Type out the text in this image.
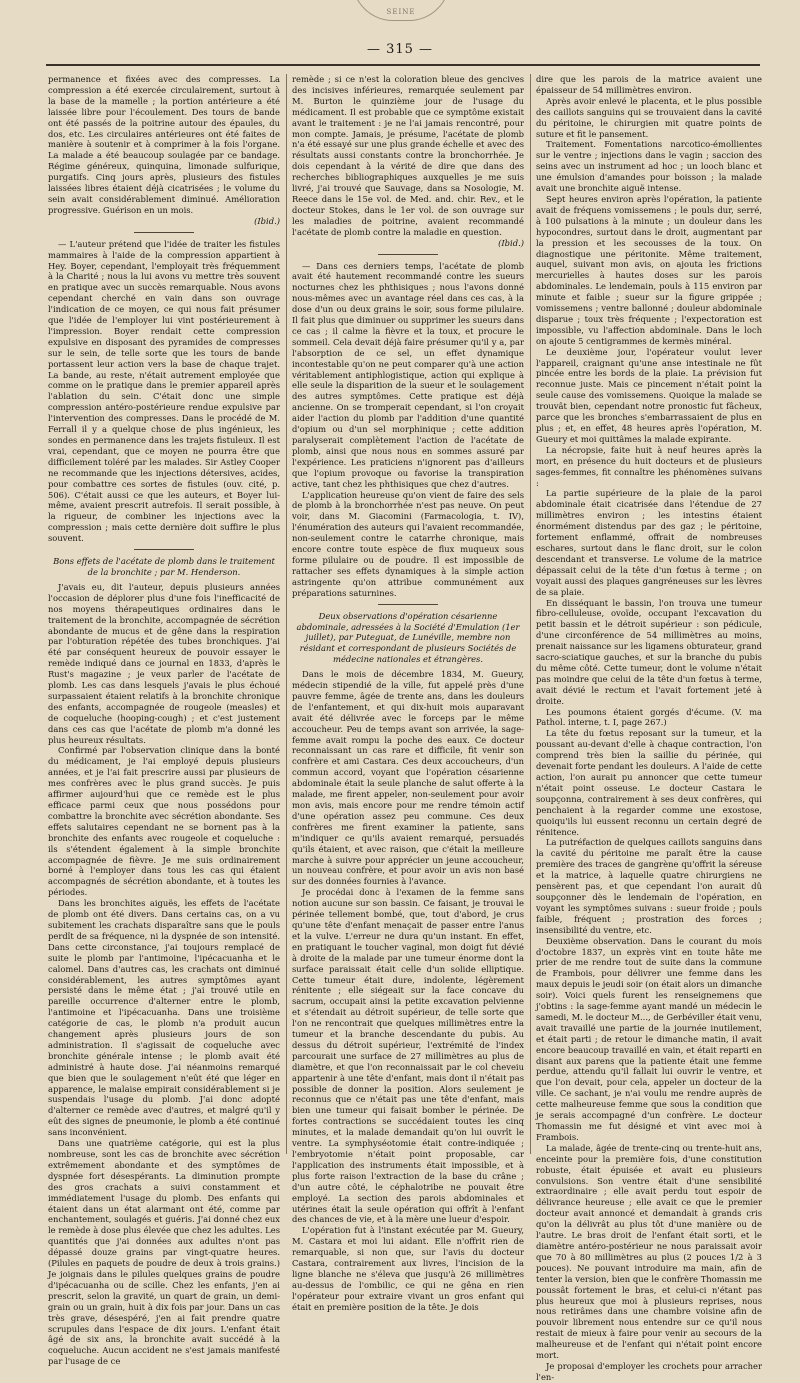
SEINE
— 315 —

permanence et fixées avec des compresses. La compression a été exercée circulairement, surtout à la base de la mamelle ; la portion antérieure a été laissée libre pour l'écoulement. Des tours de bande ont été passés de la poitrine autour des épaules, du dos, etc. Les circulaires antérieures ont été faites de manière à soutenir et à comprimer à la fois l'organe. La malade a été beaucoup soulagée par ce bandage. Régime généreux, quinquina, limonade sulfurique, purgatifs. Cinq jours après, plusieurs des fistules laissées libres étaient déjà cicatrisées ; le volume du sein avait considérablement diminué. Amélioration progressive. Guérison en un mois.

(Ibid.)

— L'auteur prétend que l'idée de traiter les fistules mammaires à l'aide de la compression appartient à Hey. Boyer, cependant, l'employait très fréquemment à la Charité ; nous la lui avons vu mettre très souvent en pratique avec un succès remarquable. Nous avons cependant cherché en vain dans son ouvrage l'indication de ce moyen, ce qui nous fait présumer que l'idée de l'employer lui vint postérieurement à l'impression. Boyer rendait cette compression expulsive en disposant des pyramides de compresses sur le sein, de telle sorte que les tours de bande portassent leur action vers la base de chaque trajet. La bande, au reste, n'était autrement employée que comme on le pratique dans le premier appareil après l'ablation du sein. C'était donc une simple compression antéro-postérieure rendue expulsive par l'intervention des compresses. Dans le procédé de M. Ferrall il y a quelque chose de plus ingénieux, les sondes en permanence dans les trajets fistuleux. Il est vrai, cependant, que ce moyen ne pourra être que difficilement toléré par les malades. Sir Astley Cooper ne recommande que les injections détersives, acides, pour combattre ces sortes de fistules (ouv. cité, p. 506). C'était aussi ce que les auteurs, et Boyer lui-même, avaient prescrit autrefois. Il serait possible, à la rigueur, de combiner les injections avec la compression ; mais cette dernière doit suffire le plus souvent.

Bons effets de l'acétate de plomb dans le traitement de la bronchite ; par M. Henderson.

J'avais eu, dit l'auteur, depuis plusieurs années l'occasion de déplorer plus d'une fois l'inefficacité de nos moyens thérapeutiques ordinaires dans le traitement de la bronchite, accompagnée de sécrétion abondante de mucus et de gêne dans la respiration par l'obturation répétée des tubes bronchiques. J'ai été par conséquent heureux de pouvoir essayer le remède indiqué dans ce journal en 1833, d'après le Rust's magazine ; je veux parler de l'acétate de plomb. Les cas dans lesquels j'avais le plus échoué surpassaient étaient relatifs à la bronchite chronique des enfants, accompagnée de rougeole (measles) et de coqueluche (hooping-cough) ; et c'est justement dans ces cas que l'acétate de plomb m'a donné les plus heureux résultats.

Confirmé par l'observation clinique dans la bonté du médicament, je l'ai employé depuis plusieurs années, et je l'ai fait prescrire aussi par plusieurs de mes confrères avec le plus grand succès. Je puis affirmer aujourd'hui que ce remède est le plus efficace parmi ceux que nous possédons pour combattre la bronchite avec sécrétion abondante. Ses effets salutaires cependant ne se bornent pas à la bronchite des enfants avec rougeole et coqueluche : ils s'étendent également à la simple bronchite accompagnée de fièvre. Je me suis ordinairement borné à l'employer dans tous les cas qui étaient accompagnés de sécrétion abondante, et à toutes les périodes.

Dans les bronchites aiguës, les effets de l'acétate de plomb ont été divers. Dans certains cas, on a vu subitement les crachats disparaître sans que le pouls perdît de sa fréquence, ni la dyspnée de son intensité. Dans cette circonstance, j'ai toujours remplacé de suite le plomb par l'antimoine, l'ipécacuanha et le calomel. Dans d'autres cas, les crachats ont diminué considérablement, les autres symptômes ayant persisté dans le même état ; j'ai trouvé utile en pareille occurrence d'alterner entre le plomb, l'antimoine et l'ipécacuanha. Dans une troisième catégorie de cas, le plomb n'a produit aucun changement après plusieurs jours de son administration. Il s'agissait de coqueluche avec bronchite générale intense ; le plomb avait été administré à haute dose. J'ai néanmoins remarqué que bien que le soulagement n'eût été que léger en apparence, le malaise empirait considérablement si je suspendais l'usage du plomb. J'ai donc adopté d'alterner ce remède avec d'autres, et malgré qu'il y eût des signes de pneumonie, le plomb a été continué sans inconvénient.

Dans une quatrième catégorie, qui est la plus nombreuse, sont les cas de bronchite avec sécrétion extrêmement abondante et des symptômes de dyspnée fort désespérants. La diminution prompte des gros crachats a suivi constamment et immédiatement l'usage du plomb. Des enfants qui étaient dans un état alarmant ont été, comme par enchantement, soulagés et guéris. J'ai donné chez eux le remède à dose plus élevée que chez les adultes. Les quantités que j'ai données aux adultes n'ont pas dépassé douze grains par vingt-quatre heures. (Pilules en paquets de poudre de deux à trois grains.) Je joignais dans le pilules quelques grains de poudre d'ipécacuanha ou de scille. Chez les enfants, j'en ai prescrit, selon la gravité, un quart de grain, un demi-grain ou un grain, huit à dix fois par jour. Dans un cas très grave, désespéré, j'en ai fait prendre quatre scrupules dans l'espace de dix jours. L'enfant était âgé de six ans, la bronchite avait succédé à la coqueluche. Aucun accident ne s'est jamais manifesté par l'usage de ce

remède ; si ce n'est la coloration bleue des gencives des incisives inférieures, remarquée seulement par M. Burton le quinzième jour de l'usage du médicament. Il est probable que ce symptôme existait avant le traitement : je ne l'ai jamais rencontré, pour mon compte. Jamais, je présume, l'acétate de plomb n'a été essayé sur une plus grande échelle et avec des résultats aussi constants contre la bronchorrhée. Je dois cependant à la vérité de dire que dans des recherches bibliographiques auxquelles je me suis livré, j'ai trouvé que Sauvage, dans sa Nosologie, M. Reece dans le 15e vol. de Med. and. chir. Rev., et le docteur Stokes, dans le 1er vol. de son ouvrage sur les maladies de poitrine, avaient recommandé l'acétate de plomb contre la maladie en question.

(Ibid.)

— Dans ces derniers temps, l'acétate de plomb avait été hautement recommandé contre les sueurs nocturnes chez les phthisiques ; nous l'avons donné nous-mêmes avec un avantage réel dans ces cas, à la dose d'un ou deux grains le soir, sous forme pilulaire. Il fait plus que diminuer ou supprimer les sueurs dans ce cas ; il calme la fièvre et la toux, et procure le sommeil. Cela devait déjà faire présumer qu'il y a, par l'absorption de ce sel, un effet dynamique incontestable qu'on ne peut comparer qu'à une action véritablement antiphlogistique, action qui explique à elle seule la disparition de la sueur et le soulagement des autres symptômes. Cette pratique est déjà ancienne. On se tromperait cependant, si l'on croyait aider l'action du plomb par l'addition d'une quantité d'opium ou d'un sel morphinique ; cette addition paralyserait complètement l'action de l'acétate de plomb, ainsi que nous nous en sommes assuré par l'expérience. Les praticiens n'ignorent pas d'ailleurs que l'opium provoque ou favorise la transpiration active, tant chez les phthisiques que chez d'autres.

L'application heureuse qu'on vient de faire des sels de plomb à la bronchorrhée n'est pas neuve. On peut voir, dans M. Giacomini (Farmacologia, t. IV), l'énumération des auteurs qui l'avaient recommandée, non-seulement contre le catarrhe chronique, mais encore contre toute espèce de flux muqueux sous forme pilulaire ou de poudre. Il est impossible de rattacher ses effets dynamiques à la simple action astringente qu'on attribue communément aux préparations saturnines.

Deux observations d'opération césarienne abdominale, adressées à la Société d'Emulation (1er juillet), par Puteguat, de Lunéville, membre non résidant et correspondant de plusieurs Sociétés de médecine nationales et étrangères.

Dans le mois de décembre 1834, M. Gueury, médecin stipendié de la ville, fut appelé près d'une pauvre femme, âgée de trente ans, dans les douleurs de l'enfantement, et qui dix-huit mois auparavant avait été délivrée avec le forceps par le même accoucheur. Peu de temps avant son arrivée, la sage-femme avait rompu la poche des eaux. Ce docteur reconnaissant un cas rare et difficile, fit venir son confrère et ami Castara. Ces deux accoucheurs, d'un commun accord, voyant que l'opération césarienne abdominale était la seule planche de salut offerte à la malade, me firent appeler, non-seulement pour avoir mon avis, mais encore pour me rendre témoin actif d'une opération assez peu commune. Ces deux confrères me firent examiner la patiente, sans m'indiquer ce qu'ils avaient remarqué, persuadés qu'ils étaient, et avec raison, que c'était la meilleure marche à suivre pour apprécier un jeune accoucheur, un nouveau confrère, et pour avoir un avis non basé sur des données fournies à l'avance.

Je procédai donc à l'examen de la femme sans notion aucune sur son bassin. Ce faisant, je trouvai le périnée tellement bombé, que, tout d'abord, je crus qu'une tête d'enfant menaçait de passer entre l'anus et la vulve. L'erreur ne dura qu'un instant. En effet, en pratiquant le toucher vaginal, mon doigt fut dévié à droite de la malade par une tumeur énorme dont la surface paraissait était celle d'un solide elliptique. Cette tumeur était dure, indolente, légèrement rénitente ; elle siégeait sur la face concave du sacrum, occupait ainsi la petite excavation pelvienne et s'étendait au détroit supérieur, de telle sorte que l'on ne rencontrait que quelques millimètres entre la tumeur et la branche descendante du pubis. Au dessus du détroit supérieur, l'extrémité de l'index parcourait une surface de 27 millimètres au plus de diamètre, et que l'on reconnaissait par le col cheveiu appartenir à une tête d'enfant, mais dont il n'était pas possible de donner la position. Alors seulement je reconnus que ce n'était pas une tête d'enfant, mais bien une tumeur qui faisait bomber le périnée. De fortes contractions se succédaient toutes les cinq minutes, et la malade demandait qu'on lui ouvrît le ventre. La symphyséotomie était contre-indiquée ; l'embryotomie n'était point proposable, car l'application des instruments était impossible, et à plus forte raison l'extraction de la base du crâne ; d'un autre côté, le céphalotribe ne pouvait être employé. La section des parois abdominales et utérines était la seule opération qui offrît à l'enfant des chances de vie, et à la mère une lueur d'espoir.

L'opération fut à l'instant exécutée par M. Gueury, M. Castara et moi lui aidant. Elle n'offrit rien de remarquable, si non que, sur l'avis du docteur Castara, contrairement aux livres, l'incision de la ligne blanche ne s'éleva que jusqu'à 26 millimètres au-dessus de l'ombilic, ce qui ne gêna en rien l'opérateur pour extraire vivant un gros enfant qui était en première position de la tête. Je dois

dire que les parois de la matrice avaient une épaisseur de 54 millimètres environ.

Après avoir enlevé le placenta, et le plus possible des caillots sanguins qui se trouvaient dans la cavité du péritoine, le chirurgien mit quatre points de suture et fit le pansement.

Traitement. Fomentations narcotico-émollientes sur le ventre ; injections dans le vagin ; saccion des seins avec un instrument ad hoc ; un looch blanc et une émulsion d'amandes pour boisson ; la malade avait une bronchite aiguë intense.

Sept heures environ après l'opération, la patiente avait de fréquens vomissemens ; le pouls dur, serré, à 100 pulsations à la minute ; un douleur dans les hypocondres, surtout dans le droit, augmentant par la pression et les secousses de la toux. On diagnostique une péritonite. Même traitement, auquel, suivant mon avis, on ajouta les frictions mercurielles à hautes doses sur les parois abdominales. Le lendemain, pouls à 115 environ par minute et faible ; sueur sur la figure grippée ; vomissemens ; ventre ballonné ; douleur abdominale disparue ; toux très fréquente ; l'expectoration est impossible, vu l'affection abdominale. Dans le loch on ajoute 5 centigrammes de kermès minéral.

Le deuxième jour, l'opérateur voulut lever l'appareil, craignant qu'une anse intestinale ne fût pincée entre les bords de la plaie. La prévision fut reconnue juste. Mais ce pincement n'était point la seule cause des vomissemens. Quoique la malade se trouvât bien, cependant notre pronostic fut fâcheux, parce que les bronches s'embarrassaient de plus en plus ; et, en effet, 48 heures après l'opération, M. Gueury et moi quittâmes la malade expirante.

La nécropsie, faite huit à neuf heures après la mort, en présence du huit docteurs et de plusieurs sages-femmes, fit connaître les phénomènes suivans :

La partie supérieure de la plaie de la paroi abdominale était cicatrisée dans l'étendue de 27 millimètres environ ; les intestins étaient énormément distendus par des gaz ; le péritoine, fortement enflammé, offrait de nombreuses eschares, surtout dans le flanc droit, sur le colon descendant et transverse. Le volume de la matrice dépassait celui de la tête d'un fœtus à terme ; on voyait aussi des plaques gangréneuses sur les lèvres de sa plaie.

En disséquant le bassin, l'on trouva une tumeur fibro-celluleuse, ovoïde, occupant l'excavation du petit bassin et le détroit supérieur : son pédicule, d'une circonférence de 54 millimètres au moins, prenait naissance sur les ligamens obturateur, grand sacro-sciatique gauches, et sur la branche du pubis du même côté. Cette tumeur, dont le volume n'était pas moindre que celui de la tête d'un fœtus à terme, avait dévié le rectum et l'avait fortement jeté à droite.

Les poumons étaient gorgés d'écume. (V. ma Pathol. interne, t. I, page 267.)

La tête du fœtus reposant sur la tumeur, et la poussant au-devant d'elle à chaque contraction, l'on comprend très bien la saillie du périnée, qui devenait forte pendant les douleurs. A l'aide de cette action, l'on aurait pu annoncer que cette tumeur n'était point osseuse. Le docteur Castara le soupçonna, contrairement à ses deux confrères, qui penchaient à la regarder comme une exostose, quoiqu'ils lui eussent reconnu un certain degré de rénitence.

La putréfaction de quelques caillots sanguins dans la cavité du péritoine me paraît être la cause première des traces de gangrène qu'offrit la séreuse et la matrice, à laquelle quatre chirurgiens ne pensèrent pas, et que cependant l'on aurait dû soupçonner dès le lendemain de l'opération, en voyant les symptômes suivans : sueur froide ; pouls faible, fréquent ; prostration des forces ; insensibilité du ventre, etc.

Deuxième observation. Dans le courant du mois d'octobre 1837, un exprès vint en toute hâte me prier de me rendre tout de suite dans la commune de Frambois, pour délivrer une femme dans les maux depuis le jeudi soir (on était alors un dimanche soir). Voici quels furent les renseignemens que j'obtins : la sage-femme ayant mandé un médecin le samedi, M. le docteur M..., de Gerbéviller était venu, avait travaillé une partie de la journée inutilement, et était parti ; de retour le dimanche matin, il avait encore beaucoup travaillé en vain, et était reparti en disant aux parens que la patiente était une femme perdue, attendu qu'il fallait lui ouvrir le ventre, et que l'on devait, pour cela, appeler un docteur de la ville. Ce sachant, je n'ai voulu me rendre auprès de cette malheureuse femme que sous la condition que je serais accompagné d'un confrère. Le docteur Thomassin me fut désigné et vint avec moi à Frambois.

La malade, âgée de trente-cinq ou trente-huit ans, enceinte pour la première fois, d'une constitution robuste, était épuisée et avait eu plusieurs convulsions. Son ventre était d'une sensibilité extraordinaire ; elle avait perdu tout espoir de délivrance heureuse ; elle avait ce que le premier docteur avait annoncé et demandait à grands cris qu'on la délivrât au plus tôt d'une manière ou de l'autre. Le bras droit de l'enfant était sorti, et le diamètre antéro-postérieur ne nous paraissait avoir que 70 à 80 millimètres au plus (2 pouces 1/2 à 3 pouces). Ne pouvant introduire ma main, afin de tenter la version, bien que le confrère Thomassin me poussât fortement le bras, et celui-ci n'étant pas plus heureux que moi à plusieurs reprises, nous nous retirâmes dans une chambre voisine afin de pouvoir librement nous entendre sur ce qu'il nous restait de mieux à faire pour venir au secours de la malheureuse et de l'enfant qui n'était point encore mort.

Je proposai d'employer les crochets pour arracher l'en-
